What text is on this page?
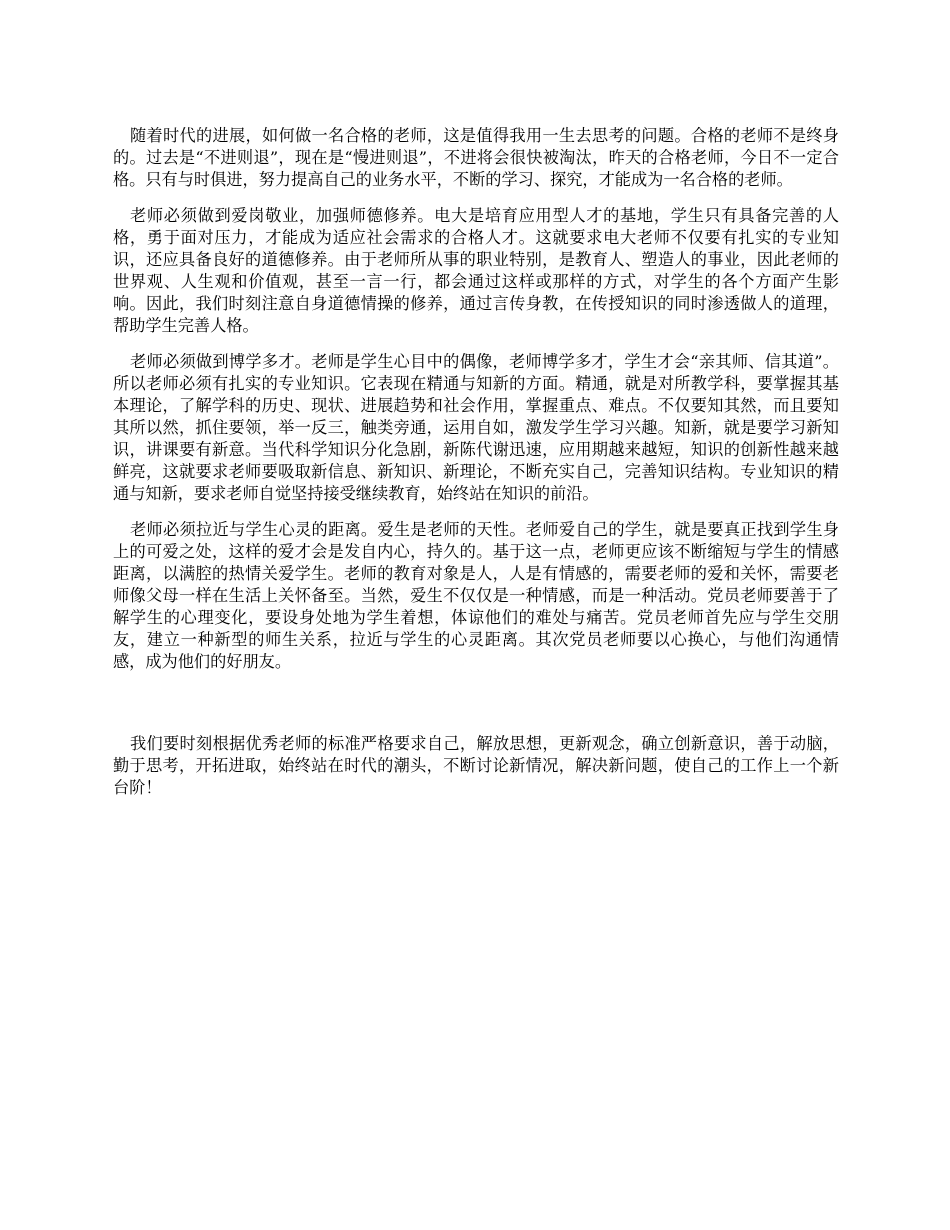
随着时代的进展，如何做一名合格的老师，这是值得我用一生去思考的问题。合格的老师不是终身的。过去是“不进则退”，现在是“慢进则退”，不进将会很快被淘汰，昨天的合格老师，今日不一定合格。只有与时俱进，努力提高自己的业务水平，不断的学习、探究，才能成为一名合格的老师。

老师必须做到爱岗敬业，加强师德修养。电大是培育应用型人才的基地，学生只有具备完善的人格，勇于面对压力，才能成为适应社会需求的合格人才。这就要求电大老师不仅要有扎实的专业知识，还应具备良好的道德修养。由于老师所从事的职业特别，是教育人、塑造人的事业，因此老师的世界观、人生观和价值观，甚至一言一行，都会通过这样或那样的方式，对学生的各个方面产生影响。因此，我们时刻注意自身道德情操的修养，通过言传身教，在传授知识的同时渗透做人的道理，帮助学生完善人格。

老师必须做到博学多才。老师是学生心目中的偶像，老师博学多才，学生才会“亲其师、信其道”。所以老师必须有扎实的专业知识。它表现在精通与知新的方面。精通，就是对所教学科，要掌握其基本理论，了解学科的历史、现状、进展趋势和社会作用，掌握重点、难点。不仅要知其然，而且要知其所以然，抓住要领，举一反三，触类旁通，运用自如，激发学生学习兴趣。知新，就是要学习新知识，讲课要有新意。当代科学知识分化急剧，新陈代谢迅速，应用期越来越短，知识的创新性越来越鲜亮，这就要求老师要吸取新信息、新知识、新理论，不断充实自己，完善知识结构。专业知识的精通与知新，要求老师自觉坚持接受继续教育，始终站在知识的前沿。

老师必须拉近与学生心灵的距离。爱生是老师的天性。老师爱自己的学生，就是要真正找到学生身上的可爱之处，这样的爱才会是发自内心，持久的。基于这一点，老师更应该不断缩短与学生的情感距离，以满腔的热情关爱学生。老师的教育对象是人，人是有情感的，需要老师的爱和关怀，需要老师像父母一样在生活上关怀备至。当然，爱生不仅仅是一种情感，而是一种活动。党员老师要善于了解学生的心理变化，要设身处地为学生着想，体谅他们的难处与痛苦。党员老师首先应与学生交朋友，建立一种新型的师生关系，拉近与学生的心灵距离。其次党员老师要以心换心，与他们沟通情感，成为他们的好朋友。

我们要时刻根据优秀老师的标准严格要求自己，解放思想，更新观念，确立创新意识，善于动脑，勤于思考，开拓进取，始终站在时代的潮头，不断讨论新情况，解决新问题，使自己的工作上一个新台阶！
